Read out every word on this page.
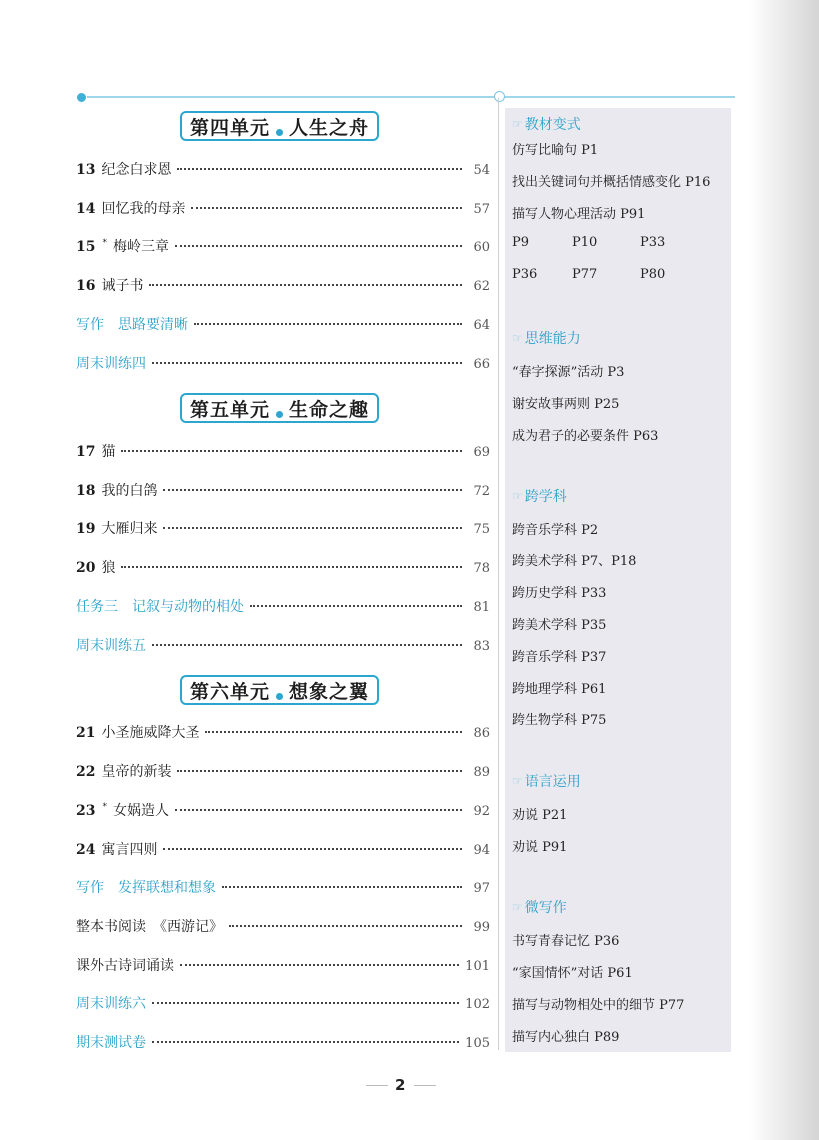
第四单元 人生之舟
第五单元 生命之趣
第六单元 想象之翼
13 纪念白求恩	54
14 回忆我的母亲	57
15 * 梅岭三章	60
16 诫子书	62
写作　思路要清晰	64
周末训练四	66
17 猫	69
18 我的白鸽	72
19 大雁归来	75
20 狼	78
任务三　记叙与动物的相处	81
周末训练五	83
21 小圣施威降大圣	86
22 皇帝的新装	89
23 * 女娲造人	92
24 寓言四则	94
写作　发挥联想和想象	97
整本书阅读　《西游记》	99
课外古诗词诵读	101
周末训练六	102
期末测试卷	105
☞ 教材变式
仿写比喻句 P1
找出关键词句并概括情感变化 P16
描写人物心理活动 P91
P9	P10	P33
P36	P77	P80
☞ 思维能力
“春字探源”活动 P3
谢安故事两则 P25
成为君子的必要条件 P63
☞ 跨学科
跨音乐学科 P2
跨美术学科 P7、P18
跨历史学科 P33
跨美术学科 P35
跨音乐学科 P37
跨地理学科 P61
跨生物学科 P75
☞ 语言运用
劝说 P21
劝说 P91
☞ 微写作
书写青春记忆 P36
“家国情怀”对话 P61
描写与动物相处中的细节 P77
描写内心独白 P89
2
